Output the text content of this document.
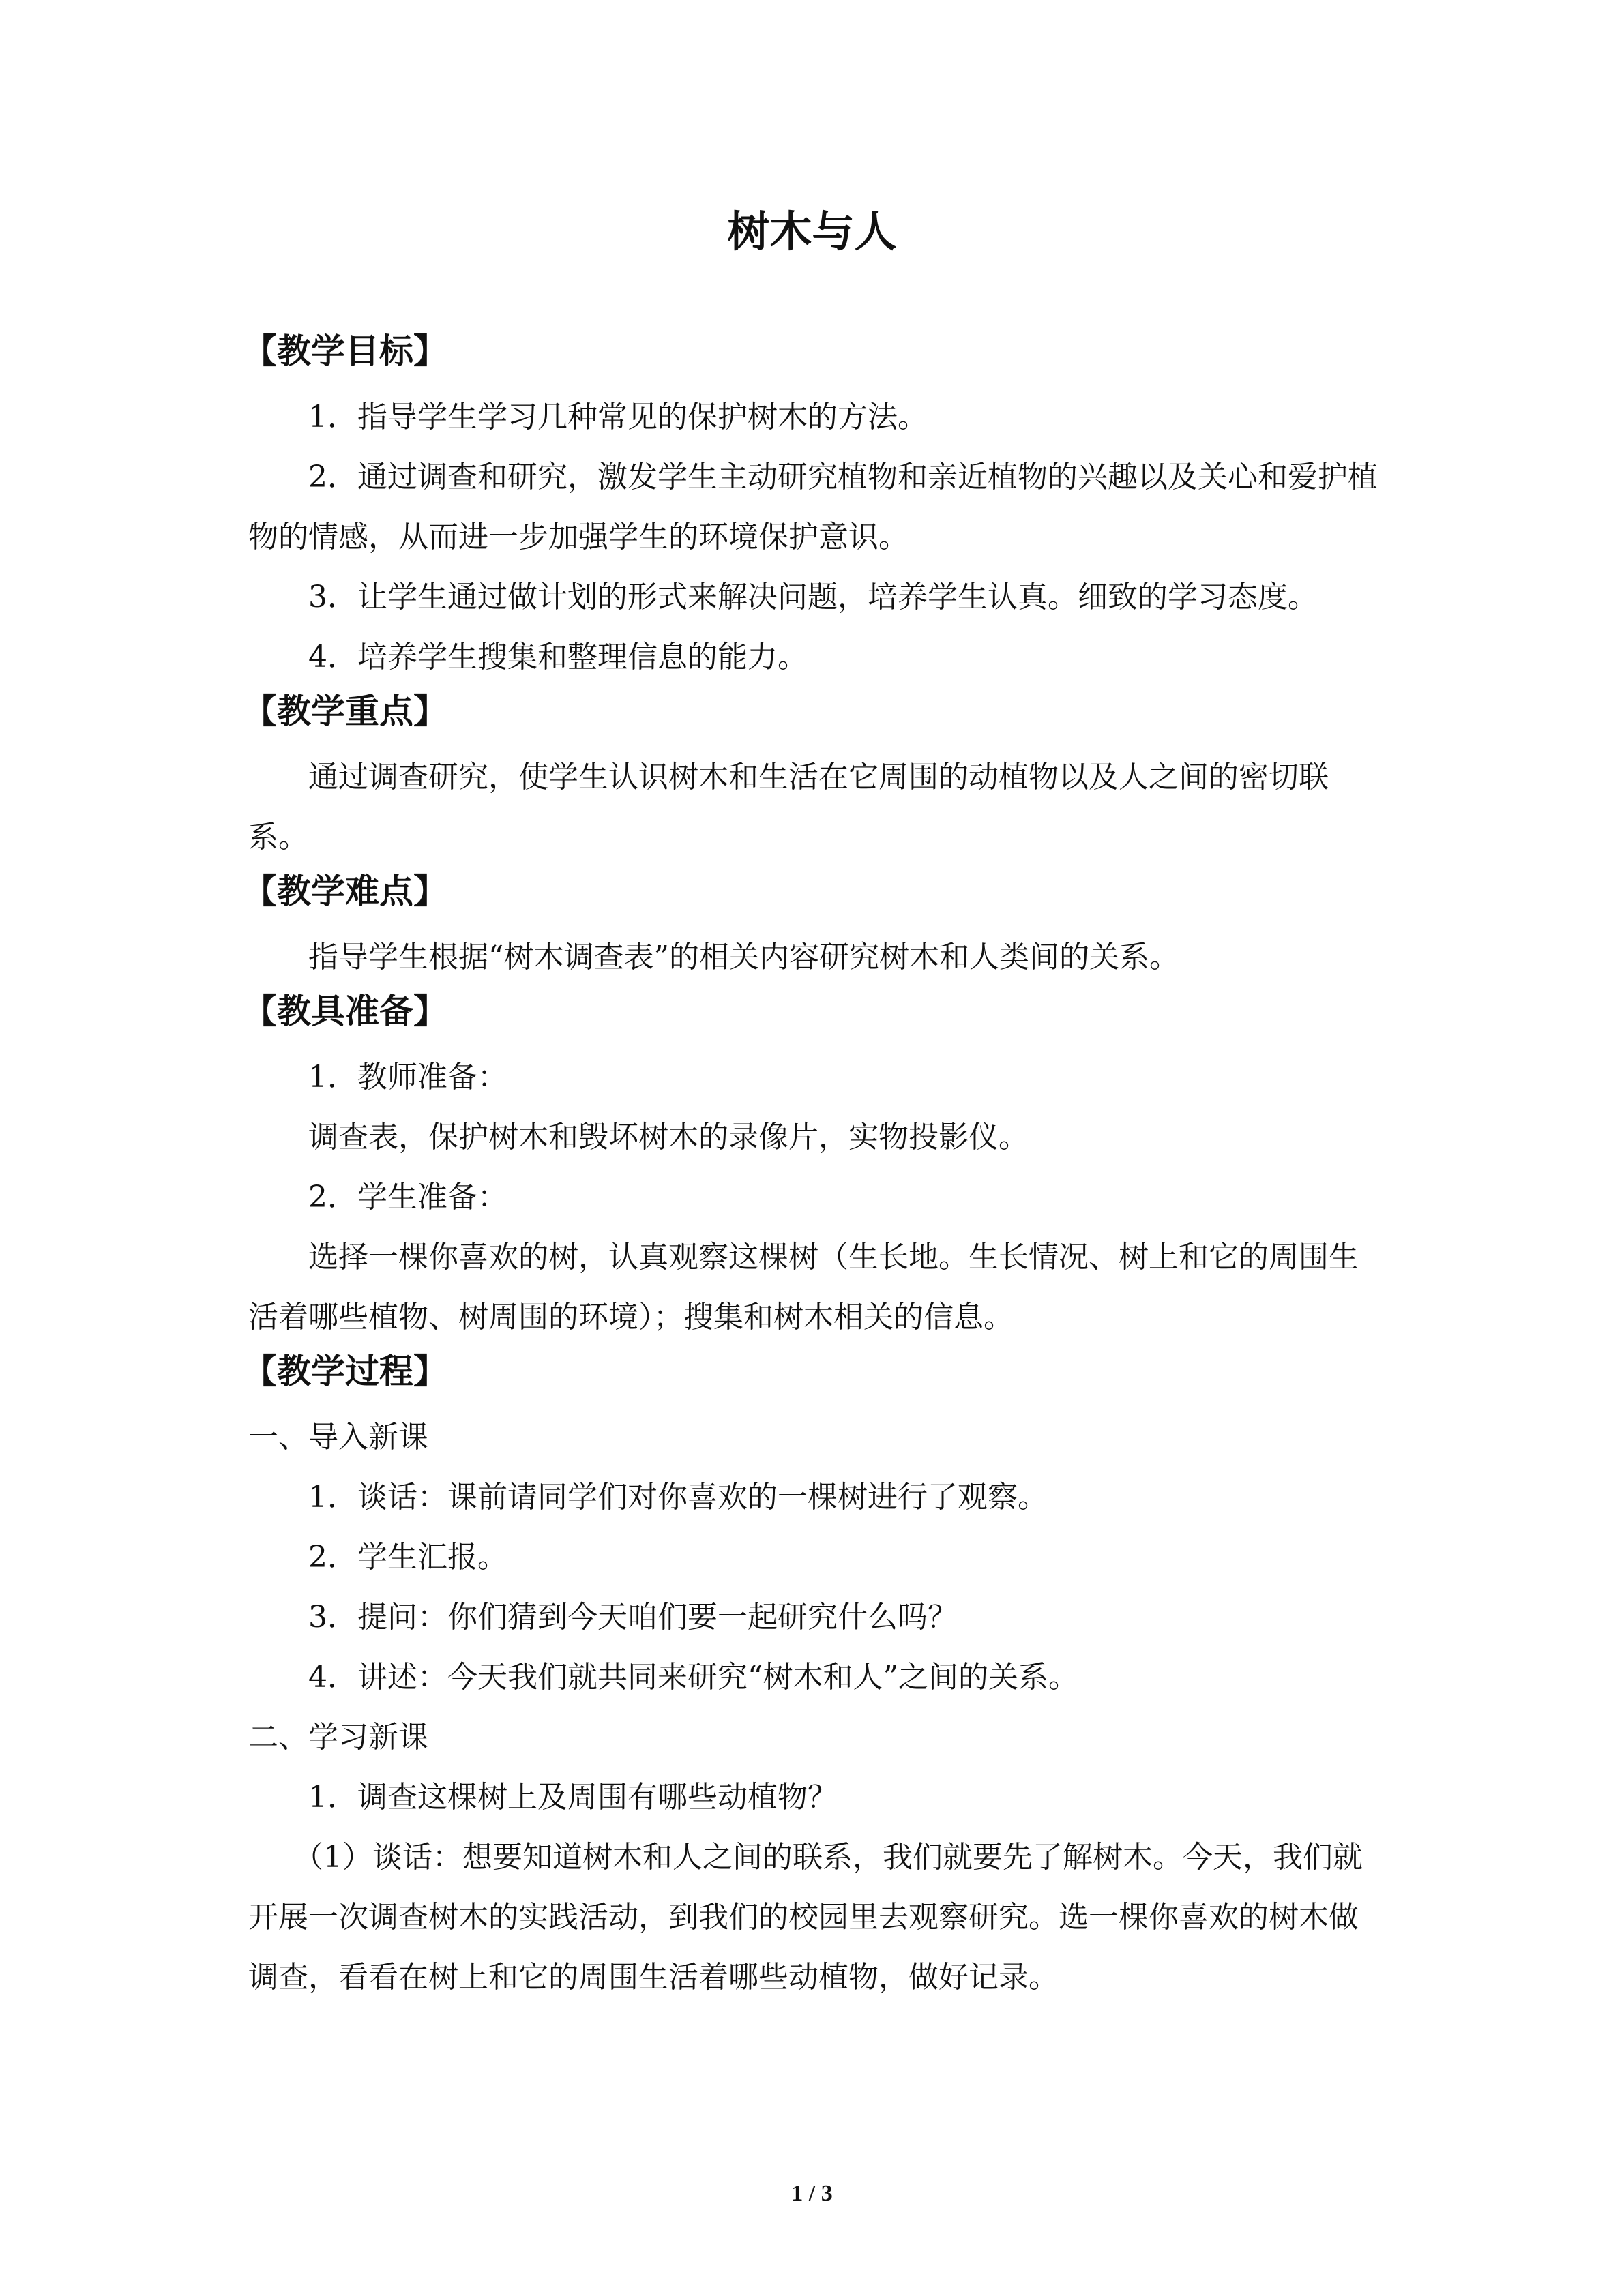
树木与人
【教学目标】

1．指导学生学习几种常见的保护树木的方法。

2．通过调查和研究，激发学生主动研究植物和亲近植物的兴趣以及关心和爱护植物的情感，从而进一步加强学生的环境保护意识。

3．让学生通过做计划的形式来解决问题，培养学生认真。细致的学习态度。

4．培养学生搜集和整理信息的能力。

【教学重点】

通过调查研究，使学生认识树木和生活在它周围的动植物以及人之间的密切联系。

【教学难点】

指导学生根据“树木调查表”的相关内容研究树木和人类间的关系。

【教具准备】

1．教师准备：

调查表，保护树木和毁坏树木的录像片，实物投影仪。

2．学生准备：

选择一棵你喜欢的树，认真观察这棵树（生长地。生长情况、树上和它的周围生活着哪些植物、树周围的环境）；搜集和树木相关的信息。

【教学过程】

一、导入新课

1．谈话：课前请同学们对你喜欢的一棵树进行了观察。

2．学生汇报。

3．提问：你们猜到今天咱们要一起研究什么吗？

4．讲述：今天我们就共同来研究“树木和人”之间的关系。

二、学习新课

1．调查这棵树上及周围有哪些动植物？

（1）谈话：想要知道树木和人之间的联系，我们就要先了解树木。今天，我们就开展一次调查树木的实践活动，到我们的校园里去观察研究。选一棵你喜欢的树木做调查，看看在树上和它的周围生活着哪些动植物，做好记录。

1 / 3
